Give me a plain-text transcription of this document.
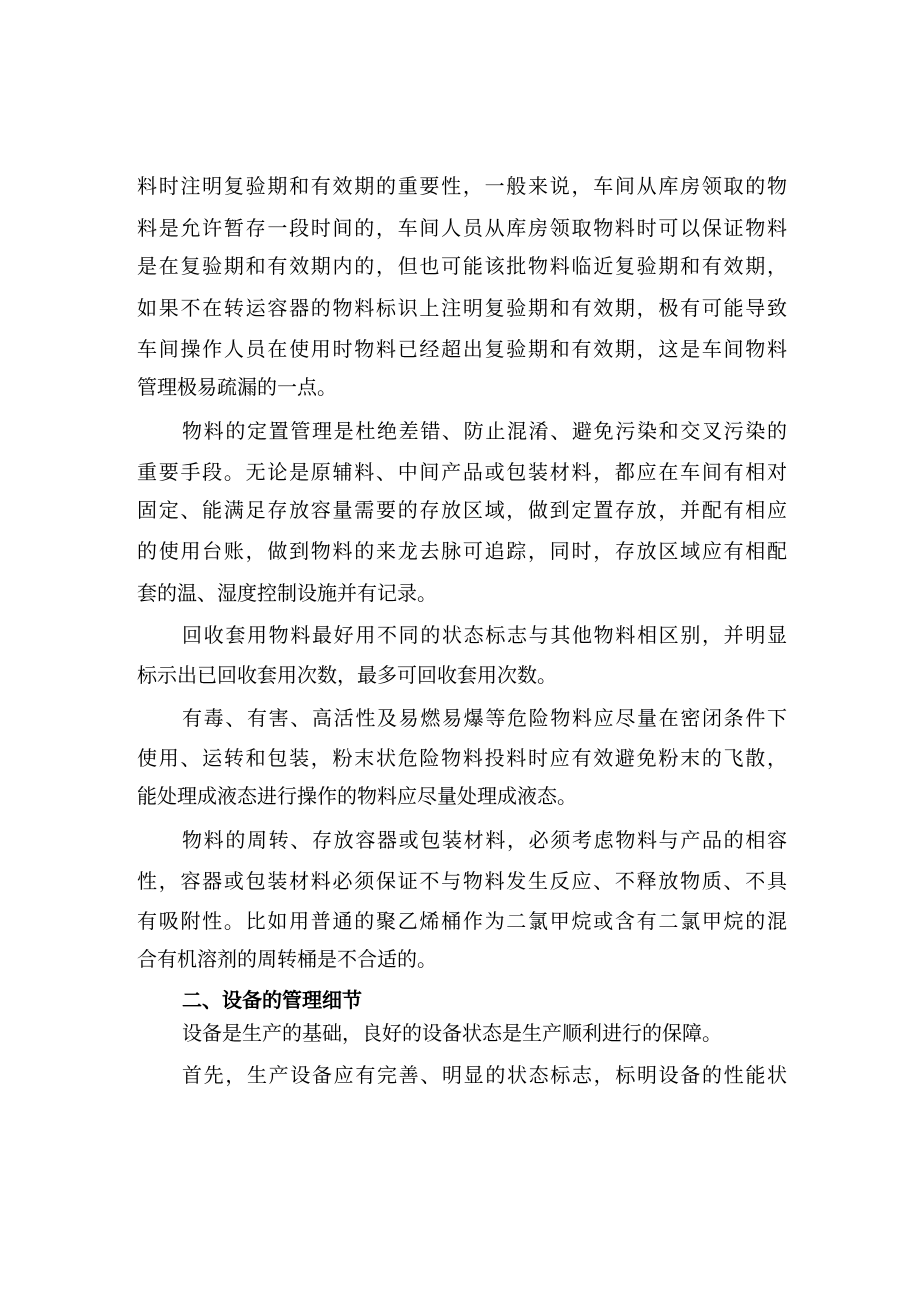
料时注明复验期和有效期的重要性，一般来说，车间从库房领取的物
料是允许暂存一段时间的，车间人员从库房领取物料时可以保证物料
是在复验期和有效期内的，但也可能该批物料临近复验期和有效期，
如果不在转运容器的物料标识上注明复验期和有效期，极有可能导致
车间操作人员在使用时物料已经超出复验期和有效期，这是车间物料
管理极易疏漏的一点。
物料的定置管理是杜绝差错、防止混淆、避免污染和交叉污染的
重要手段。无论是原辅料、中间产品或包装材料，都应在车间有相对
固定、能满足存放容量需要的存放区域，做到定置存放，并配有相应
的使用台账，做到物料的来龙去脉可追踪，同时，存放区域应有相配
套的温、湿度控制设施并有记录。
回收套用物料最好用不同的状态标志与其他物料相区别，并明显
标示出已回收套用次数，最多可回收套用次数。
有毒、有害、高活性及易燃易爆等危险物料应尽量在密闭条件下
使用、运转和包装，粉末状危险物料投料时应有效避免粉末的飞散，
能处理成液态进行操作的物料应尽量处理成液态。
物料的周转、存放容器或包装材料，必须考虑物料与产品的相容
性，容器或包装材料必须保证不与物料发生反应、不释放物质、不具
有吸附性。比如用普通的聚乙烯桶作为二氯甲烷或含有二氯甲烷的混
合有机溶剂的周转桶是不合适的。
二、设备的管理细节
设备是生产的基础，良好的设备状态是生产顺利进行的保障。
首先，生产设备应有完善、明显的状态标志，标明设备的性能状
